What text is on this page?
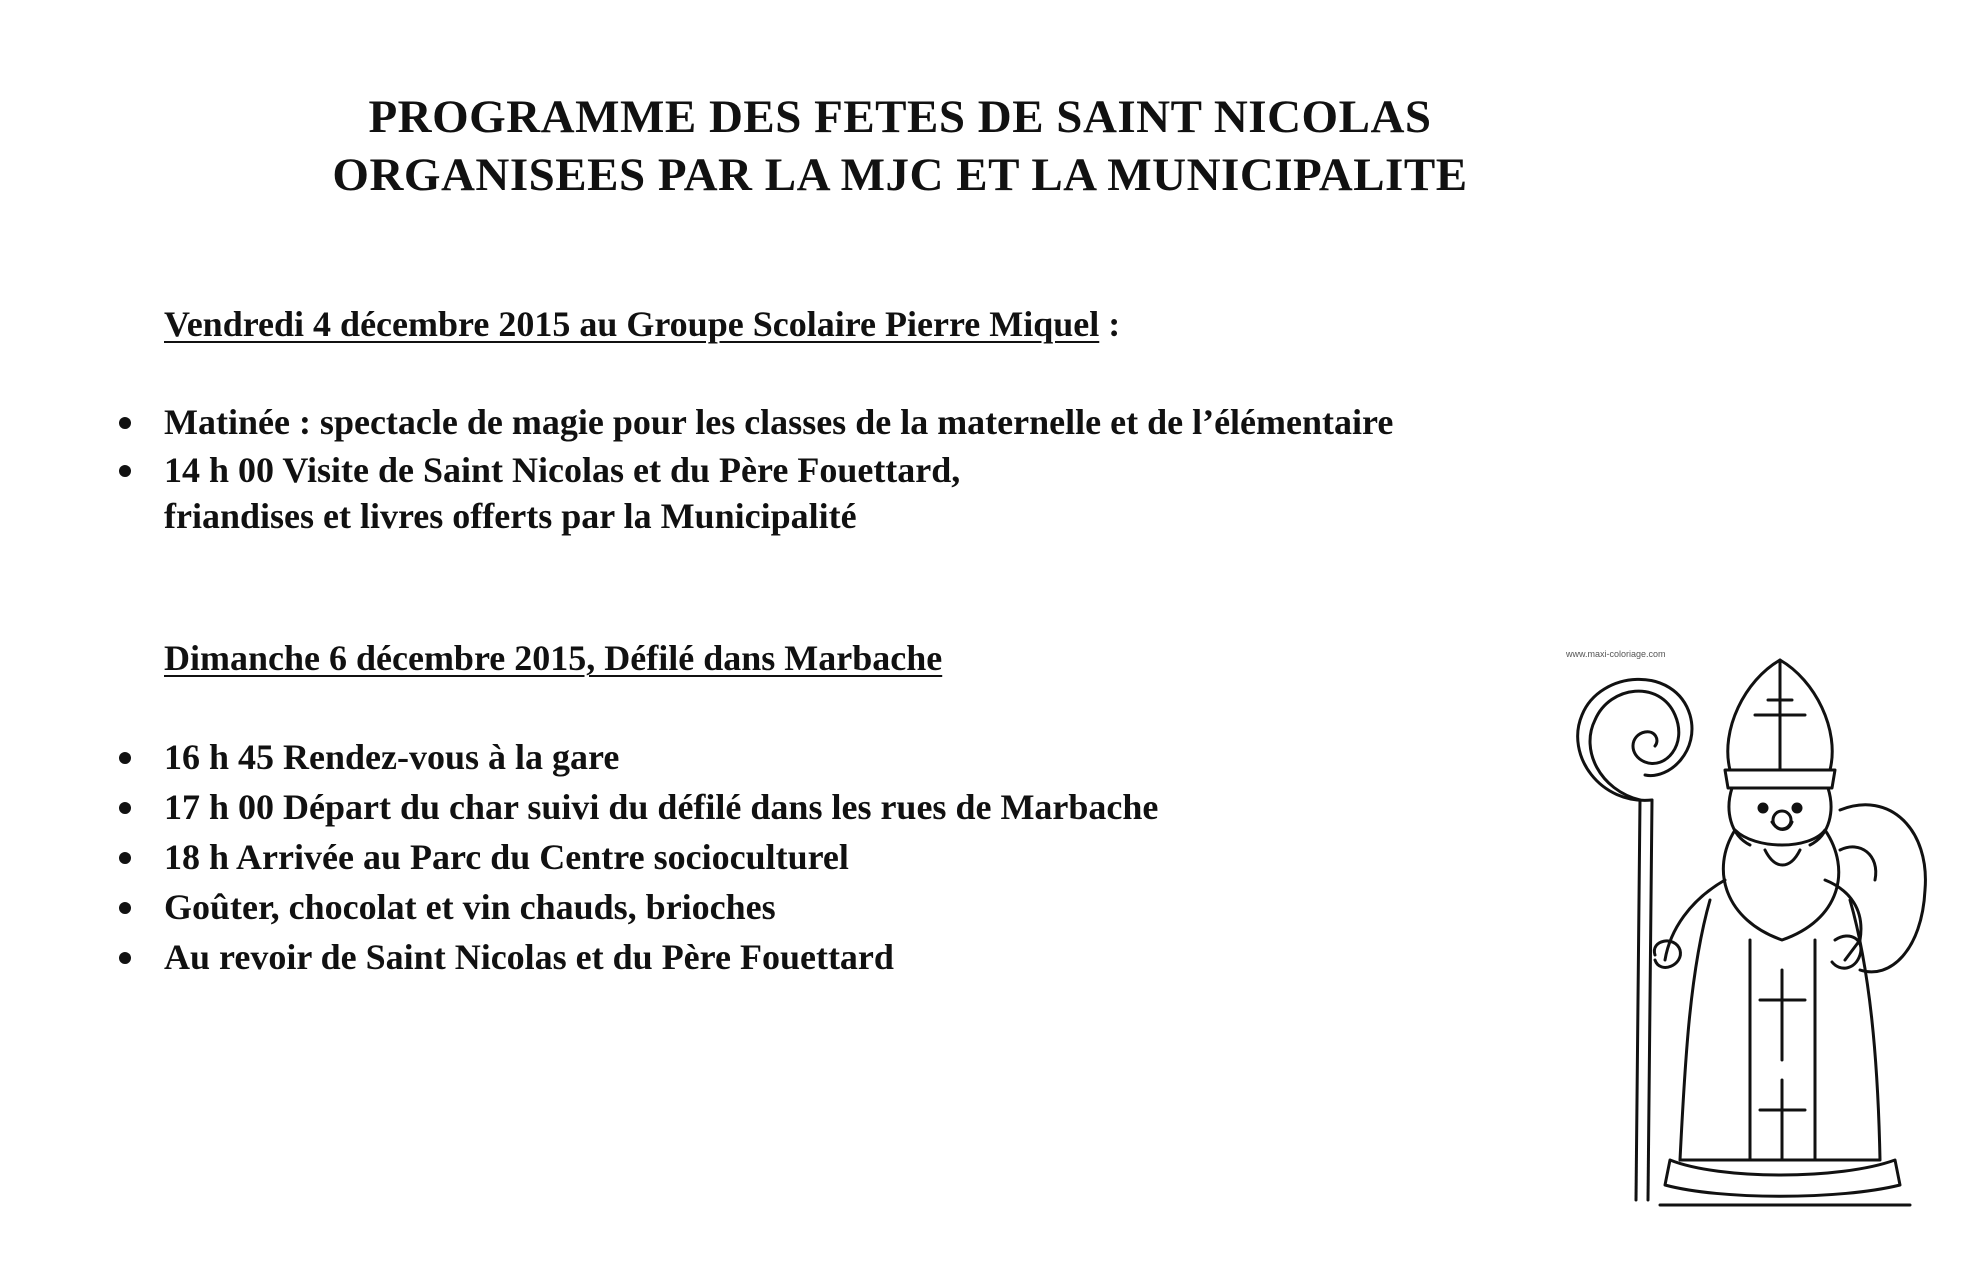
PROGRAMME DES FETES DE SAINT NICOLAS
ORGANISEES PAR LA MJC ET LA MUNICIPALITE
Vendredi 4 décembre 2015 au Groupe Scolaire Pierre Miquel :
Matinée : spectacle de magie pour les classes de la maternelle et de l’élémentaire
14 h 00 Visite de Saint Nicolas et du Père Fouettard,
friandises et livres offerts par la Municipalité
Dimanche 6 décembre 2015, Défilé dans Marbache
16 h 45 Rendez-vous à la gare
17 h 00 Départ du char suivi du défilé dans les rues de Marbache
18 h Arrivée au Parc du Centre socioculturel
Goûter, chocolat et vin chauds, brioches
Au revoir de Saint Nicolas et du Père Fouettard
www.maxi-coloriage.com
